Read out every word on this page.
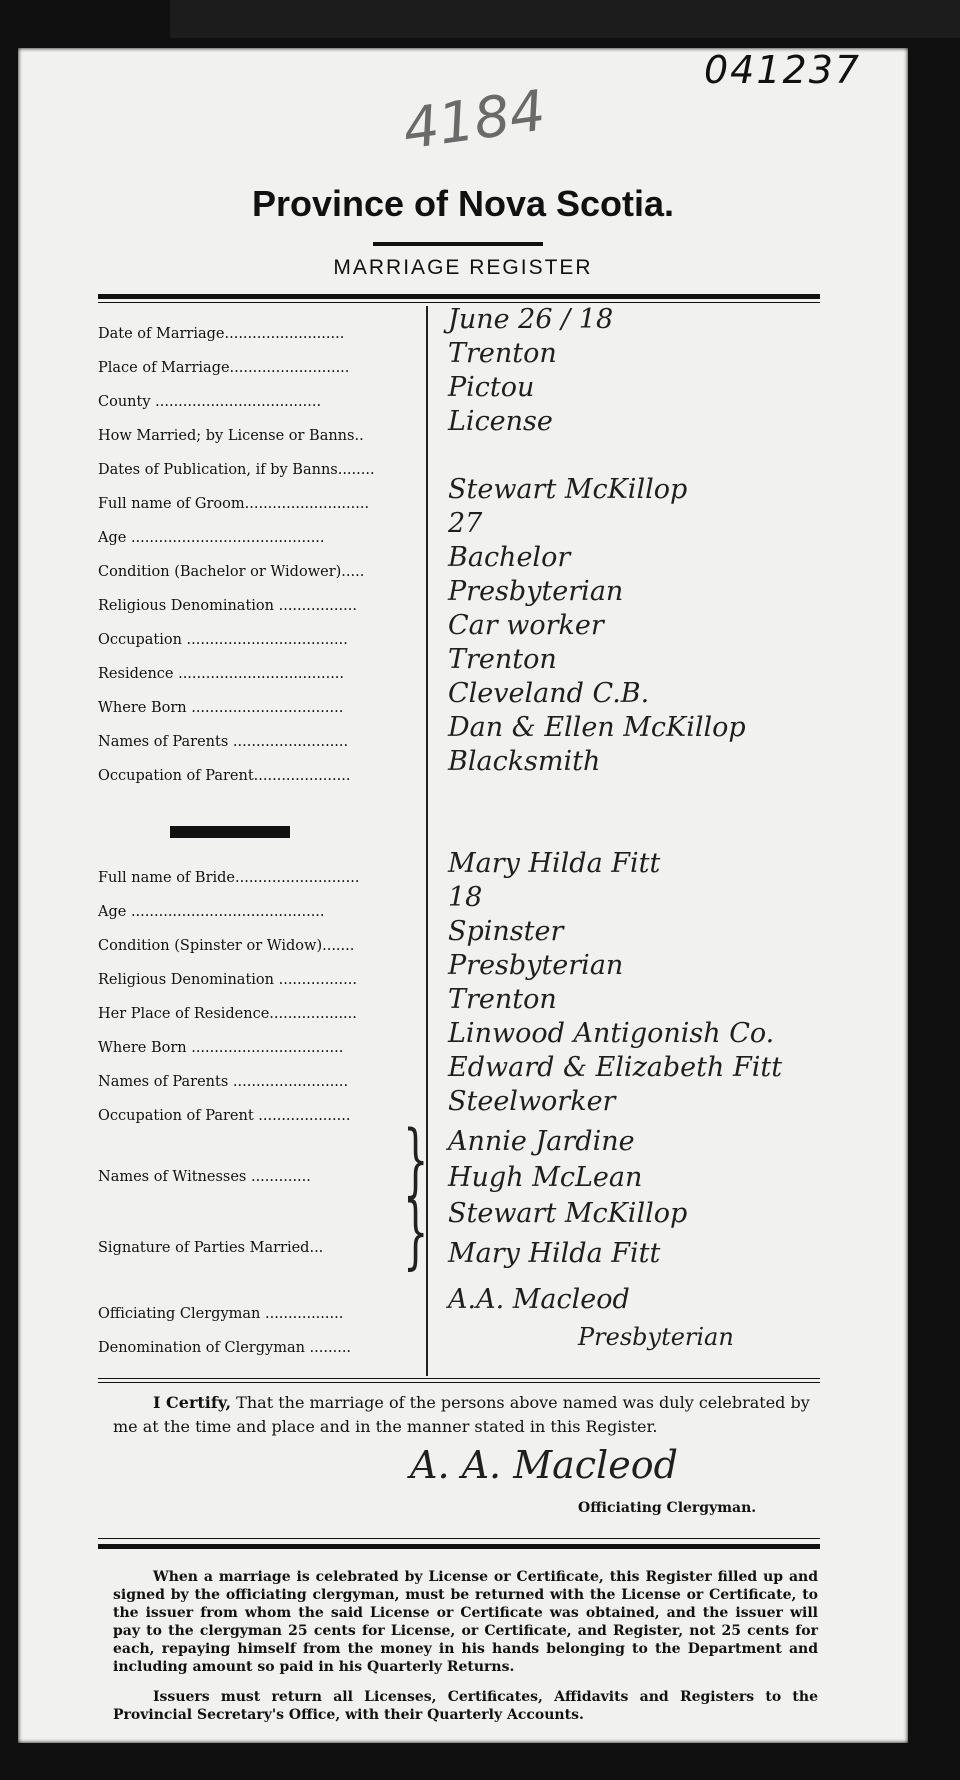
041237
4184
Province of Nova Scotia.
MARRIAGE REGISTER
Date of Marriage..........................	June 26 / 18
Place of Marriage..........................	Trenton
County ....................................	Pictou
How Married; by License or Banns..	License
Dates of Publication, if by Banns........
Full name of Groom...........................	Stewart McKillop
Age ..........................................	27
Condition (Bachelor or Widower).....	Bachelor
Religious Denomination .................	Presbyterian
Occupation ...................................	Car worker
Residence ....................................	Trenton
Where Born .................................	Cleveland C.B.
Names of Parents .........................	Dan & Ellen McKillop
Occupation of Parent.....................	Blacksmith
Full name of Bride...........................	Mary Hilda Fitt
Age ..........................................	18
Condition (Spinster or Widow).......	Spinster
Religious Denomination .................	Presbyterian
Her Place of Residence...................	Trenton
Where Born .................................	Linwood Antigonish Co.
Names of Parents .........................	Edward & Elizabeth Fitt
Occupation of Parent ....................	Steelworker
Names of Witnesses .............	} Annie Jardine
Hugh McLean
Signature of Parties Married...	} Stewart McKillop
Mary Hilda Fitt
Officiating Clergyman .................	A.A. Macleod
Denomination of Clergyman .........	Presbyterian
I Certify, That the marriage of the persons above named was duly celebrated by me at the time and place and in the manner stated in this Register.
A. A. Macleod
Officiating Clergyman.
When a marriage is celebrated by License or Certificate, this Register filled up and signed by the officiating clergyman, must be returned with the License or Certificate, to the issuer from whom the said License or Certificate was obtained, and the issuer will pay to the clergyman 25 cents for License, or Certificate, and Register, not 25 cents for each, repaying himself from the money in his hands belonging to the Department and including amount so paid in his Quarterly Returns.
Issuers must return all Licenses, Certificates, Affidavits and Registers to the Provincial Secretary's Office, with their Quarterly Accounts.
